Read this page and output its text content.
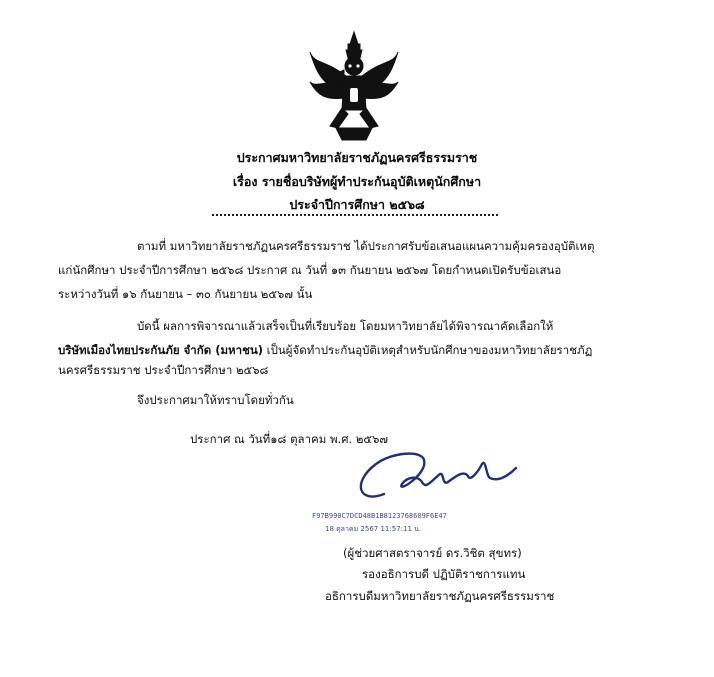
ประกาศมหาวิทยาลัยราชภัฏนครศรีธรรมราช
เรื่อง รายชื่อบริษัทผู้ทำประกันอุบัติเหตุนักศึกษา
ประจำปีการศึกษา ๒๕๖๘
ตามที่ มหาวิทยาลัยราชภัฏนครศรีธรรมราช ได้ประกาศรับข้อเสนอแผนความคุ้มครองอุบัติเหตุ
แก่นักศึกษา ประจำปีการศึกษา ๒๕๖๘ ประกาศ ณ วันที่ ๑๓ กันยายน ๒๕๖๗ โดยกำหนดเปิดรับข้อเสนอ
ระหว่างวันที่ ๑๖ กันยายน – ๓๐ กันยายน ๒๕๖๗ นั้น
บัดนี้ ผลการพิจารณาแล้วเสร็จเป็นที่เรียบร้อย โดยมหาวิทยาลัยได้พิจารณาคัดเลือกให้
บริษัทเมืองไทยประกันภัย จำกัด (มหาชน) เป็นผู้จัดทำประกันอุบัติเหตุสำหรับนักศึกษาของมหาวิทยาลัยราชภัฏ
นครศรีธรรมราช ประจำปีการศึกษา ๒๕๖๘
จึงประกาศมาให้ทราบโดยทั่วกัน
ประกาศ ณ วันที่๑๘ ตุลาคม พ.ศ. ๒๕๖๗
F97B990C7DCD48B1B8123768609F6E47
18 ตุลาคม 2567 11:57:11 น.
(ผู้ช่วยศาสตราจารย์ ดร.วิชิต สุขทร)
รองอธิการบดี ปฏิบัติราชการแทน
อธิการบดีมหาวิทยาลัยราชภัฏนครศรีธรรมราช
